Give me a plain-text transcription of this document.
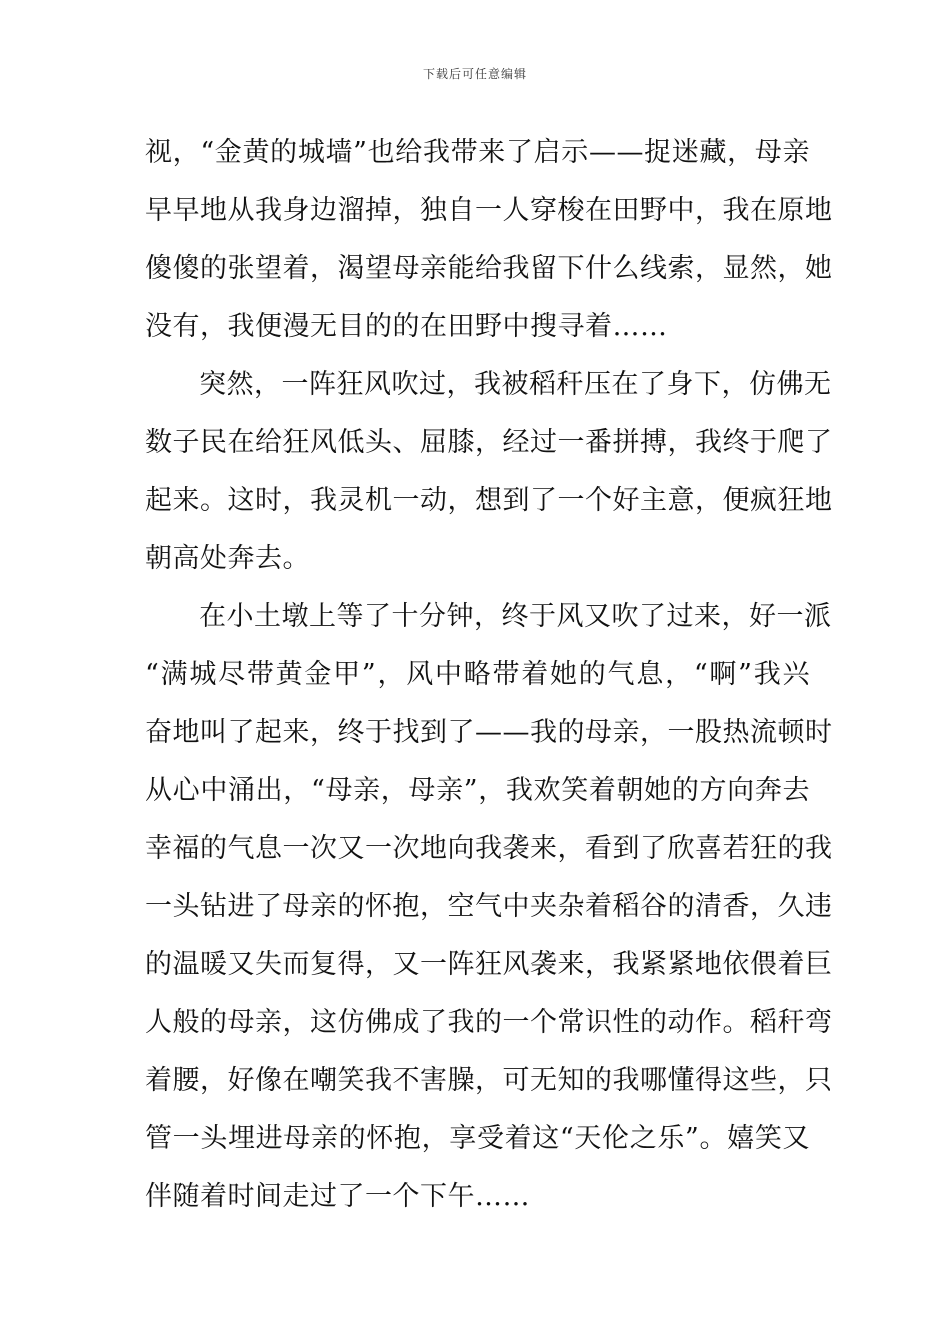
下载后可任意编辑
视，“金黄的城墙”也给我带来了启示——捉迷藏，母亲
早早地从我身边溜掉，独自一人穿梭在田野中，我在原地
傻傻的张望着，渴望母亲能给我留下什么线索，显然，她
没有，我便漫无目的的在田野中搜寻着……
突然，一阵狂风吹过，我被稻秆压在了身下，仿佛无
数子民在给狂风低头、屈膝，经过一番拼搏，我终于爬了
起来。这时，我灵机一动，想到了一个好主意，便疯狂地
朝高处奔去。
在小土墩上等了十分钟，终于风又吹了过来，好一派
“满城尽带黄金甲”，风中略带着她的气息，“啊”我兴
奋地叫了起来，终于找到了——我的母亲，一股热流顿时
从心中涌出，“母亲，母亲”，我欢笑着朝她的方向奔去
幸福的气息一次又一次地向我袭来，看到了欣喜若狂的我
一头钻进了母亲的怀抱，空气中夹杂着稻谷的清香，久违
的温暖又失而复得，又一阵狂风袭来，我紧紧地依偎着巨
人般的母亲，这仿佛成了我的一个常识性的动作。稻秆弯
着腰，好像在嘲笑我不害臊，可无知的我哪懂得这些，只
管一头埋进母亲的怀抱，享受着这“天伦之乐”。嬉笑又
伴随着时间走过了一个下午……
